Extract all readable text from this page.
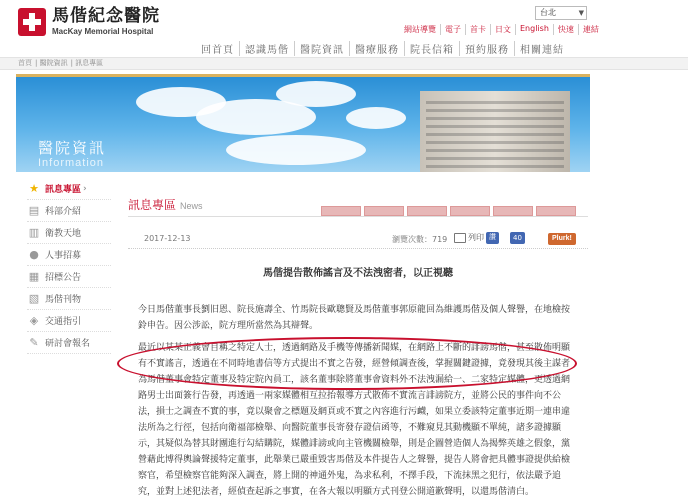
馬偕紀念醫院
MacKay Memorial Hospital
台北	▼
網站導覽	電子	首卡	日文	English	快速	連結
回首頁	認識馬偕	醫院資訊	醫療服務	院長信箱	預約服務	相關連結
首頁 | 醫院資訊 | 訊息專區
醫院資訊
Information
★ 訊息專區 ›
▤ 科部介紹
▥ 衛教天地
● 人事招募
▦ 招標公告
▧ 馬偕刊物
◈ 交通指引
✎ 研討會報名
訊息專區 News
2017-12-13	瀏覽次數：719	列印 讚	40	Plurk!
馬偕提告散佈謠言及不法洩密者，以正視聽

今日馬偕董事長劉旧恩、院長施壽全、竹馬院長歐聰賢及馬偕董事郭原龍回為維護馬偕及個人聲譽，在地檢按鈴申告。因公涉訟，院方理所當然為其辯聲。

最近以某某正義會自稱之特定人士，透過網路及手機等傳播新聞媒，在網路上不斷的誹謗馬偕，甚至散佈明顯有不實謠言，透過在不同時地書信等方式提出不實之告發，經營傾調查後，掌握關鍵證據，竟發現其後主謀者為馬偕董事會特定董事及特定院內員工，該名董事除將董事會資料外不法洩漏給一、二家特定媒體，更透過網路男士出面簽行告發，再透過一兩家媒體相互拉抬報導方式散佈不實流言誹謗院方，並將公民的事件向不公法，損士之調查不實的事，竟以聚會之標題及網頁或不實之內容進行污衊，如果立委該特定董事近期一連串違法所為之行徑，包括向衛福部檢舉、向醫院董事長寄發存證信函等，不難窺見其動機顯不單純，諸多證據顯示，其疑似為替其財團進行勾結購院，媒體誹謗或向主管機關檢舉，則是企圖營造個人為揭弊英雄之假象，黨營藉此博得輿論聲援特定董事，此舉業已嚴重毀害馬偕及本件提告人之聲譽，提告人將會把具體事證提供給檢察官，希望檢察官能夠深入調查，將上開的神通外鬼，為求私利，不擇手段，下流抹黑之犯行，依法嚴予追究，並對上述犯法者，經偵查起訴之事實，在各大報以明顯方式刊登公開道歉聲明，以還馬偕清白。
